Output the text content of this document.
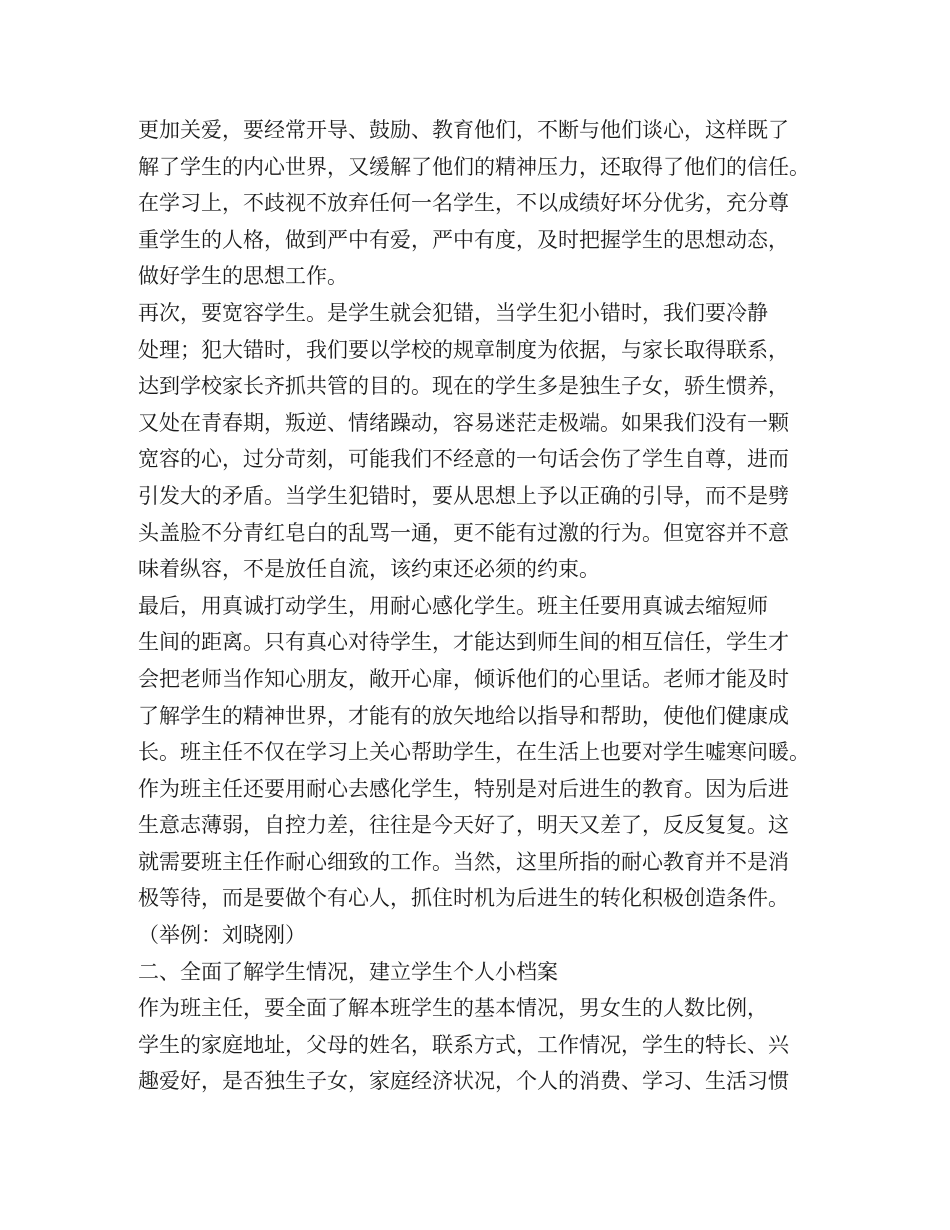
更加关爱，要经常开导、鼓励、教育他们，不断与他们谈心，这样既了
解了学生的内心世界，又缓解了他们的精神压力，还取得了他们的信任。
在学习上，不歧视不放弃任何一名学生，不以成绩好坏分优劣，充分尊
重学生的人格，做到严中有爱，严中有度，及时把握学生的思想动态，
做好学生的思想工作。
再次，要宽容学生。是学生就会犯错，当学生犯小错时，我们要冷静
处理；犯大错时，我们要以学校的规章制度为依据，与家长取得联系，
达到学校家长齐抓共管的目的。现在的学生多是独生子女，骄生惯养，
又处在青春期，叛逆、情绪躁动，容易迷茫走极端。如果我们没有一颗
宽容的心，过分苛刻，可能我们不经意的一句话会伤了学生自尊，进而
引发大的矛盾。当学生犯错时，要从思想上予以正确的引导，而不是劈
头盖脸不分青红皂白的乱骂一通，更不能有过激的行为。但宽容并不意
味着纵容，不是放任自流，该约束还必须的约束。
最后，用真诚打动学生，用耐心感化学生。班主任要用真诚去缩短师
生间的距离。只有真心对待学生，才能达到师生间的相互信任，学生才
会把老师当作知心朋友，敞开心扉，倾诉他们的心里话。老师才能及时
了解学生的精神世界，才能有的放矢地给以指导和帮助，使他们健康成
长。班主任不仅在学习上关心帮助学生，在生活上也要对学生嘘寒问暖。
作为班主任还要用耐心去感化学生，特别是对后进生的教育。因为后进
生意志薄弱，自控力差，往往是今天好了，明天又差了，反反复复。这
就需要班主任作耐心细致的工作。当然，这里所指的耐心教育并不是消
极等待，而是要做个有心人，抓住时机为后进生的转化积极创造条件。
（举例：刘晓刚）
二、全面了解学生情况，建立学生个人小档案
作为班主任，要全面了解本班学生的基本情况，男女生的人数比例，
学生的家庭地址，父母的姓名，联系方式，工作情况，学生的特长、兴
趣爱好，是否独生子女，家庭经济状况，个人的消费、学习、生活习惯
